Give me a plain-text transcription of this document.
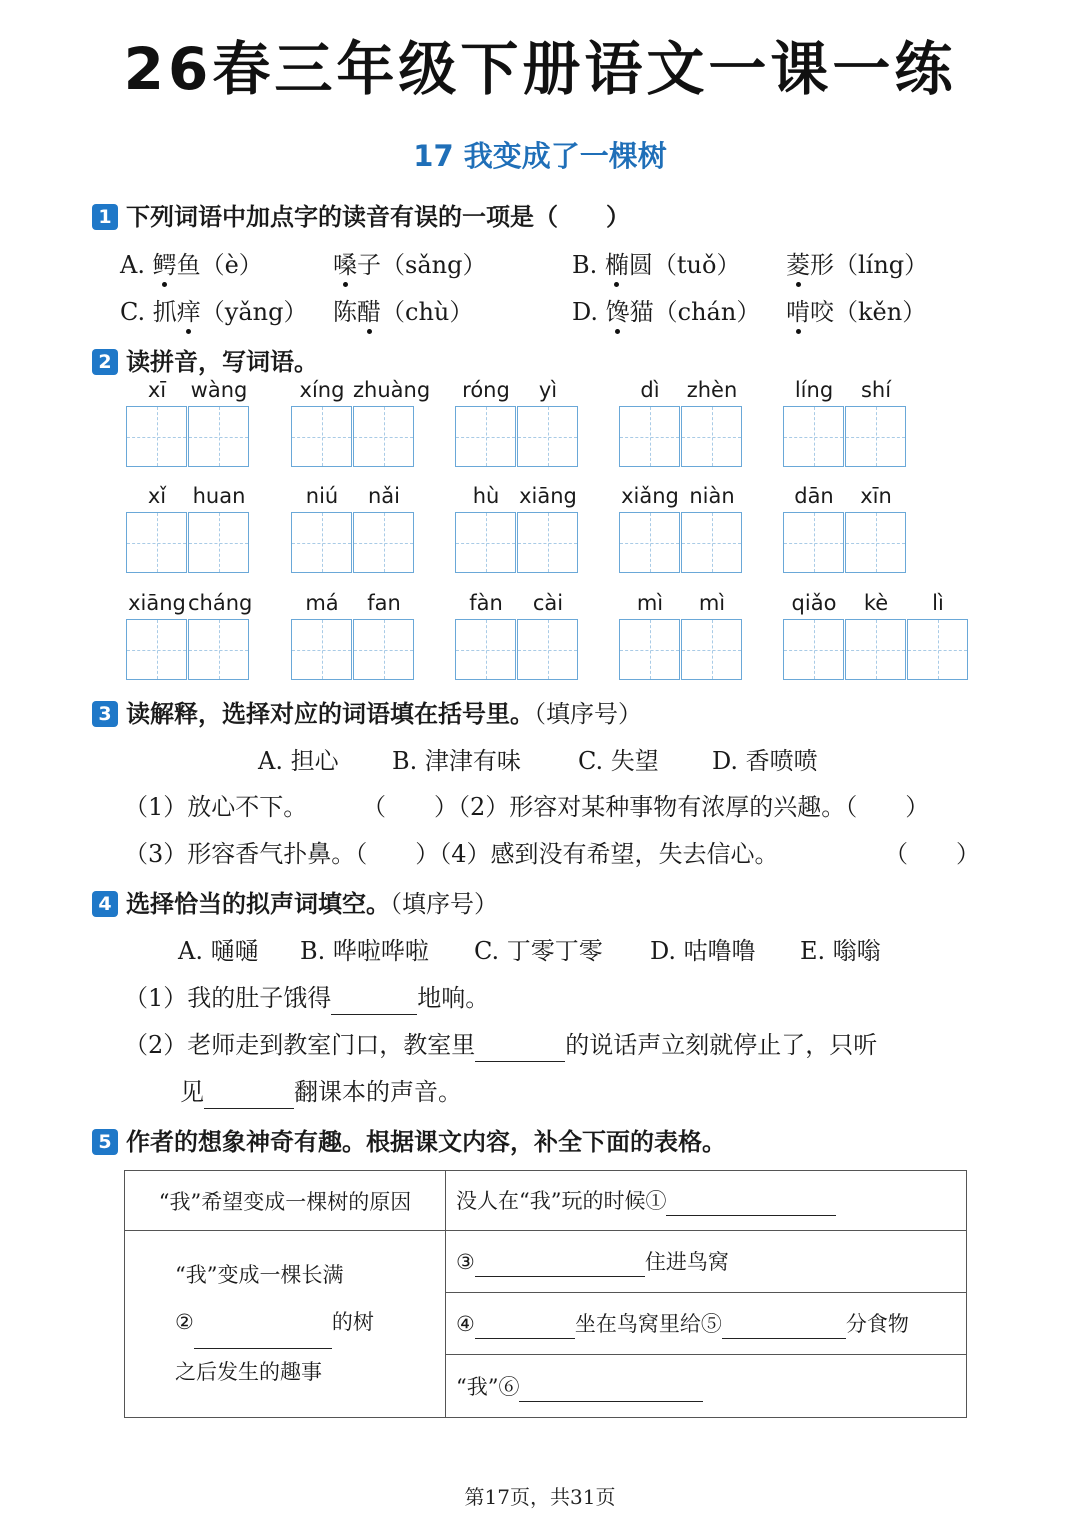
26春三年级下册语文一课一练
17 我变成了一棵树
1 下列词语中加点字的读音有误的一项是（　　）
A. 鳄鱼（è）	嗓子（sǎng）	B. 椭圆（tuǒ） 菱形（líng）
C. 抓痒（yǎng） 陈醋（chù）	D. 馋猫（chán） 啃咬（kěn）
2 读拼音，写词语。
xī	wàng	xíng zhuàng	róng	yì	dì	zhèn	líng	shí
xǐ	huan	niú	nǎi	hù xiāng xiǎng niàn	dān	xīn
xiāng cháng	má	fan	fàn	cài	mì	mì	qiǎo	kè	lì
3 读解释，选择对应的词语填在括号里。（填序号）
A. 担心 B. 津津有味 C. 失望 D. 香喷喷
（1）放心不下。 （　　）（2）形容对某种事物有浓厚的兴趣。（　　）
（3）形容香气扑鼻。（　　）（4）感到没有希望，失去信心。	（　　）
4 选择恰当的拟声词填空。（填序号）
A. 嗵嗵 B. 哗啦哗啦 C. 丁零丁零 D. 咕噜噜 E. 嗡嗡
（1）我的肚子饿得	地响。
（2）老师走到教室门口，教室里	的说话声立刻就停止了，只听
见	翻课本的声音。
5 作者的想象神奇有趣。根据课文内容，补全下面的表格。
“我”希望变成一棵树的原因	没人在“我”玩的时候①

“我”变成一棵长满
② 的树
之后发生的趣事	③ 住进鸟窝
	④ 坐在鸟窝里给⑤ 分食物
	“我”⑥
第17页，共31页
